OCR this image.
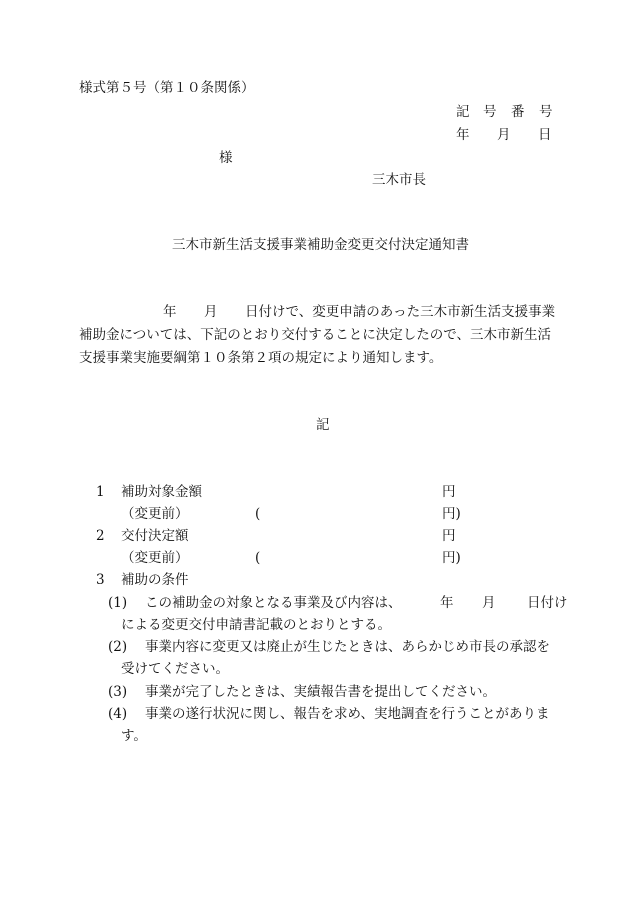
様式第５号（第１０条関係）
記 号 番 号
年 月 日
様
三木市長
三木市新生活支援事業補助金変更交付決定通知書
年 月 日付けで、変更申請のあった三木市新生活支援事業
補助金については、下記のとおり交付することに決定したので、三木市新生活
支援事業実施要綱第１０条第２項の規定により通知します。
記
1 補助対象金額	円
（変更前）	(	円)
2 交付決定額	円
（変更前）	(	円)
3 補助の条件
(1) この補助金の対象となる事業及び内容は、	年 月 日付け
による変更交付申請書記載のとおりとする。
(2) 事業内容に変更又は廃止が生じたときは、あらかじめ市長の承認を
受けてください。
(3) 事業が完了したときは、実績報告書を提出してください。
(4) 事業の遂行状況に関し、報告を求め、実地調査を行うことがありま
す。
